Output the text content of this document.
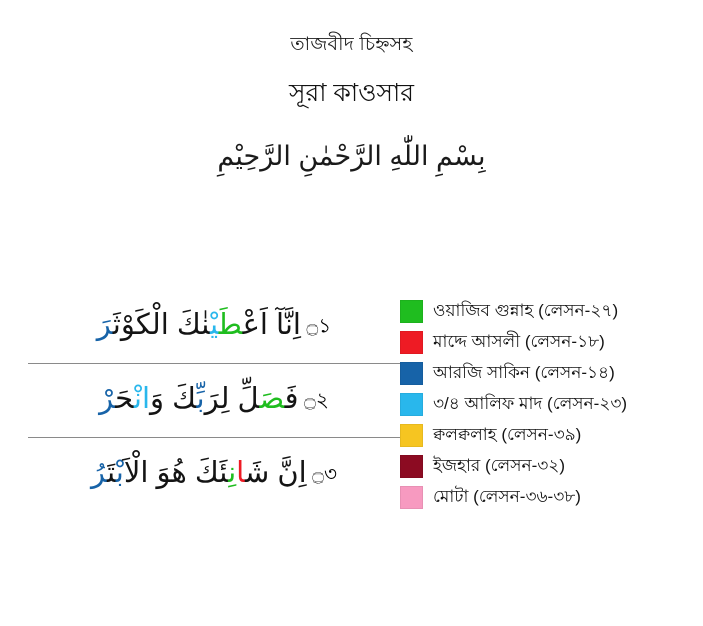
তাজবীদ চিহ্নসহ
সূরা কাওসার
بِسْمِ اللّٰهِ الرَّحْمٰنِ الرَّحِيْمِ
۝১ اِنَّآ اَعْطَيْنٰكَ الْكَوْثَرَ
۝২ فَصَلِّ لِرَبِّكَ وَانْحَرْ
۝৩ اِنَّ شَانِئَكَ هُوَ الْبْتَرُ
ওয়াজিব গুন্নাহ (লেসন-২৭)
মাদ্দে আসলী (লেসন-১৮)
আরজি সাকিন (লেসন-১৪)
৩/৪ আলিফ মাদ (লেসন-২৩)
ক্বলক্বলাহ (লেসন-৩৯)
ইজহার (লেসন-৩২)
মোটা (লেসন-৩৬-৩৮)
